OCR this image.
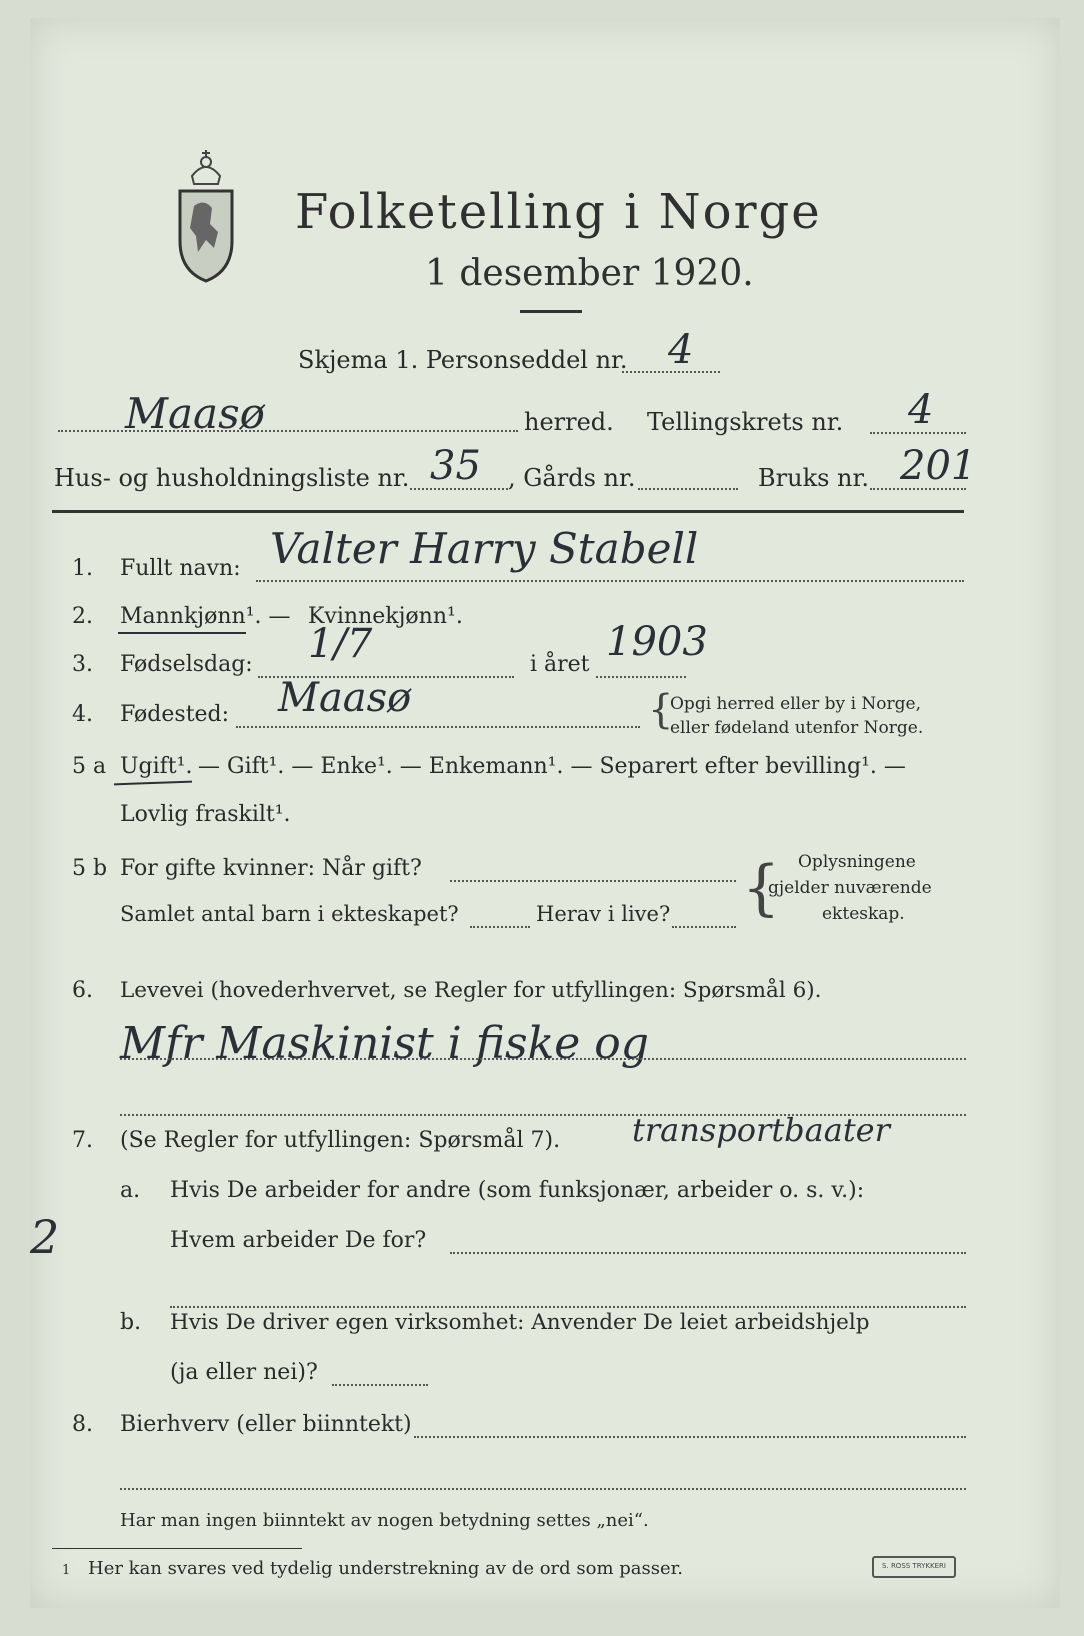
Folketelling i Norge
1 desember 1920.
Skjema 1. Personseddel nr. 4
Maasø	herred. Tellingskrets nr. 4
Hus- og husholdningsliste nr. 35 , Gårds nr.	Bruks nr. 201
1. Fullt navn: Valter Harry Stabell
2. Mannkjønn¹. — Kvinnekjønn¹.
3. Fødselsdag: 1/7	i året 1903
4. Fødested: Maasø	{
Opgi herred eller by i Norge,
eller fødeland utenfor Norge.
5 a Ugift¹. — Gift¹. — Enke¹. — Enkemann¹. — Separert efter bevilling¹. —
Lovlig fraskilt¹.
5 b For gifte kvinner: Når gift?
Samlet antal barn i ekteskapet?	Herav i live? { Oplysningene
gjelder nuværende
ekteskap.
6. Levevei (hovederhvervet, se Regler for utfyllingen: Spørsmål 6).
Mfr Maskinist i fiske og
7. (Se Regler for utfyllingen: Spørsmål 7). transportbaater
a. Hvis De arbeider for andre (som funksjonær, arbeider o. s. v.):
2	Hvem arbeider De for?
b. Hvis De driver egen virksomhet: Anvender De leiet arbeidshjelp
(ja eller nei)?
8. Bierhverv (eller biinntekt)
Har man ingen biinntekt av nogen betydning settes „nei“.
1 Her kan svares ved tydelig understrekning av de ord som passer.	S. ROSS TRYKKERI
